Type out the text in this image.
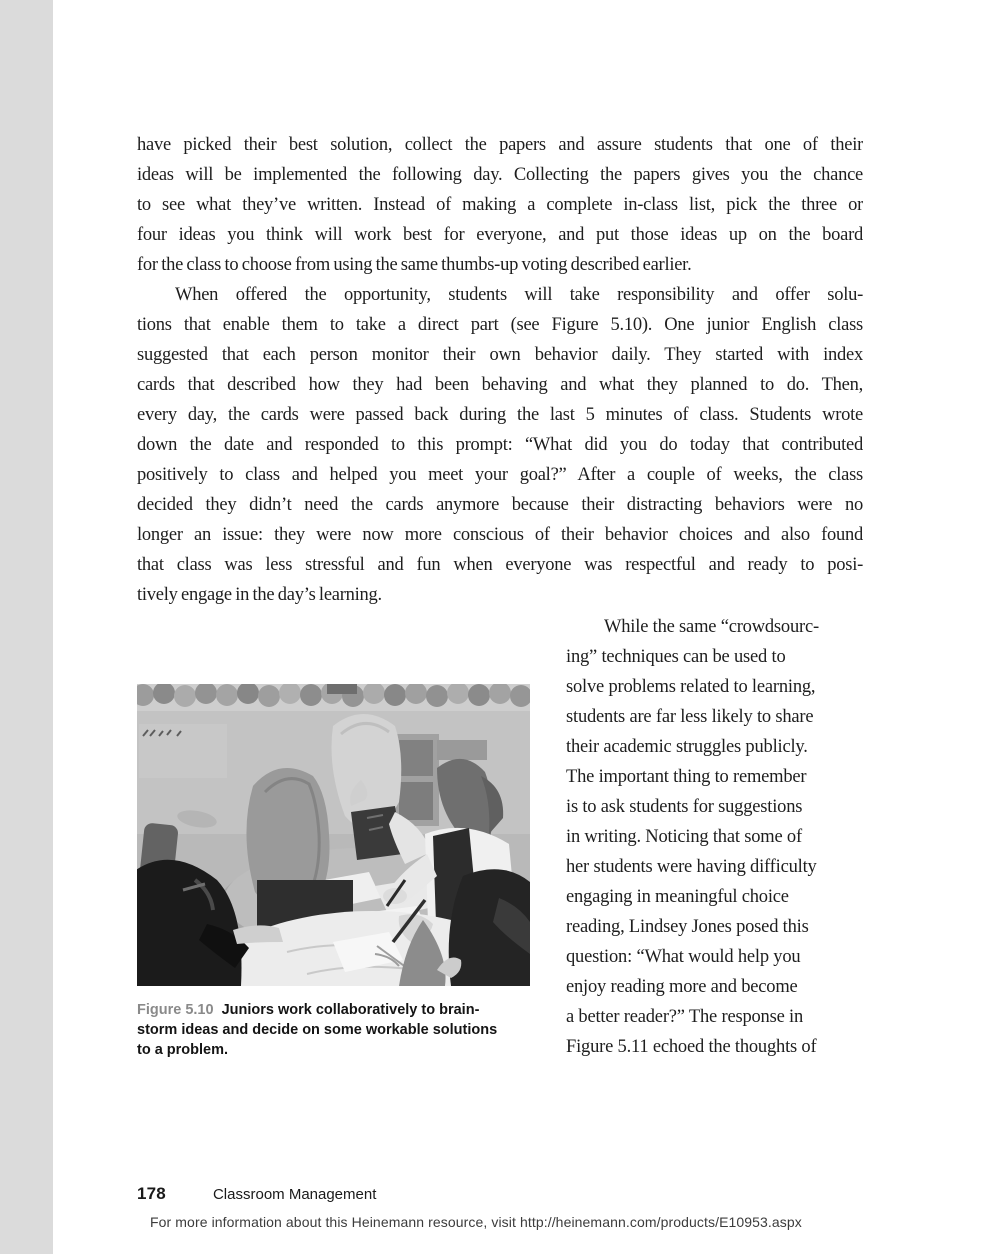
have picked their best solution, collect the papers and assure students that one of their
ideas will be implemented the following day. Collecting the papers gives you the chance
to see what they’ve written. Instead of making a complete in-class list, pick the three or
four ideas you think will work best for everyone, and put those ideas up on the board
for the class to choose from using the same thumbs-up voting described earlier.
When offered the opportunity, students will take responsibility and offer solu-
tions that enable them to take a direct part (see Figure 5.10). One junior English class
suggested that each person monitor their own behavior daily. They started with index
cards that described how they had been behaving and what they planned to do. Then,
every day, the cards were passed back during the last 5 minutes of class. Students wrote
down the date and responded to this prompt: “What did you do today that contributed
positively to class and helped you meet your goal?” After a couple of weeks, the class
decided they didn’t need the cards anymore because their distracting behaviors were no
longer an issue: they were now more conscious of their behavior choices and also found
that class was less stressful and fun when everyone was respectful and ready to posi-
tively engage in the day’s learning.
Figure 5.10 Juniors work collaboratively to brain-
storm ideas and decide on some workable solutions
to a problem.
While the same “crowdsourc-
ing” techniques can be used to
solve problems related to learning,
students are far less likely to share
their academic struggles publicly.
The important thing to remember
is to ask students for suggestions
in writing. Noticing that some of
her students were having difficulty
engaging in meaningful choice
reading, Lindsey Jones posed this
question: “What would help you
enjoy reading more and become
a better reader?” The response in
Figure 5.11 echoed the thoughts of
178	Classroom Management
For more information about this Heinemann resource, visit http://heinemann.com/products/E10953.aspx
